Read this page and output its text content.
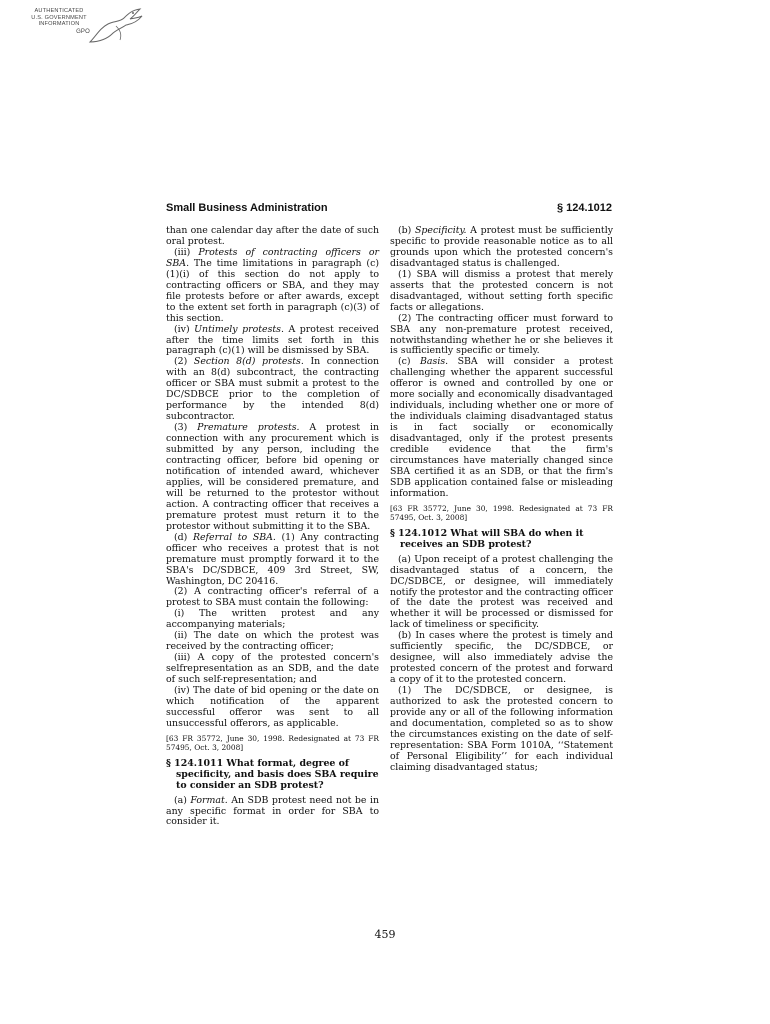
AUTHENTICATED
U.S. GOVERNMENT
INFORMATION
GPO
Small Business Administration	§ 124.1012

than one calendar day after the date of such oral protest.

(iii) Protests of contracting officers or SBA. The time limitations in paragraph (c)(1)(i) of this section do not apply to contracting officers or SBA, and they may file protests before or after awards, except to the extent set forth in paragraph (c)(3) of this section.

(iv) Untimely protests. A protest received after the time limits set forth in this paragraph (c)(1) will be dismissed by SBA.

(2) Section 8(d) protests. In connection with an 8(d) subcontract, the contracting officer or SBA must submit a protest to the DC/SDBCE prior to the completion of performance by the intended 8(d) subcontractor.

(3) Premature protests. A protest in connection with any procurement which is submitted by any person, including the contracting officer, before bid opening or notification of intended award, whichever applies, will be considered premature, and will be returned to the protestor without action. A contracting officer that receives a premature protest must return it to the protestor without submitting it to the SBA.

(d) Referral to SBA. (1) Any contracting officer who receives a protest that is not premature must promptly forward it to the SBA's DC/SDBCE, 409 3rd Street, SW, Washington, DC 20416.

(2) A contracting officer's referral of a protest to SBA must contain the following:

(i) The written protest and any accompanying materials;

(ii) The date on which the protest was received by the contracting officer;

(iii) A copy of the protested concern's selfrepresentation as an SDB, and the date of such self-representation; and

(iv) The date of bid opening or the date on which notification of the apparent successful offeror was sent to all unsuccessful offerors, as applicable.

[63 FR 35772, June 30, 1998. Redesignated at 73 FR 57495, Oct. 3, 2008]

§ 124.1011 What format, degree of specificity, and basis does SBA require to consider an SDB protest?

(a) Format. An SDB protest need not be in any specific format in order for SBA to consider it.

(b) Specificity. A protest must be sufficiently specific to provide reasonable notice as to all grounds upon which the protested concern's disadvantaged status is challenged.

(1) SBA will dismiss a protest that merely asserts that the protested concern is not disadvantaged, without setting forth specific facts or allegations.

(2) The contracting officer must forward to SBA any non-premature protest received, notwithstanding whether he or she believes it is sufficiently specific or timely.

(c) Basis. SBA will consider a protest challenging whether the apparent successful offeror is owned and controlled by one or more socially and economically disadvantaged individuals, including whether one or more of the individuals claiming disadvantaged status is in fact socially or economically disadvantaged, only if the protest presents credible evidence that the firm's circumstances have materially changed since SBA certified it as an SDB, or that the firm's SDB application contained false or misleading information.

[63 FR 35772, June 30, 1998. Redesignated at 73 FR 57495, Oct. 3, 2008]

§ 124.1012 What will SBA do when it receives an SDB protest?

(a) Upon receipt of a protest challenging the disadvantaged status of a concern, the DC/SDBCE, or designee, will immediately notify the protestor and the contracting officer of the date the protest was received and whether it will be processed or dismissed for lack of timeliness or specificity.

(b) In cases where the protest is timely and sufficiently specific, the DC/SDBCE, or designee, will also immediately advise the protested concern of the protest and forward a copy of it to the protested concern.

(1) The DC/SDBCE, or designee, is authorized to ask the protested concern to provide any or all of the following information and documentation, completed so as to show the circumstances existing on the date of self-representation: SBA Form 1010A, ‘‘Statement of Personal Eligibility’’ for each individual claiming disadvantaged status;

459
